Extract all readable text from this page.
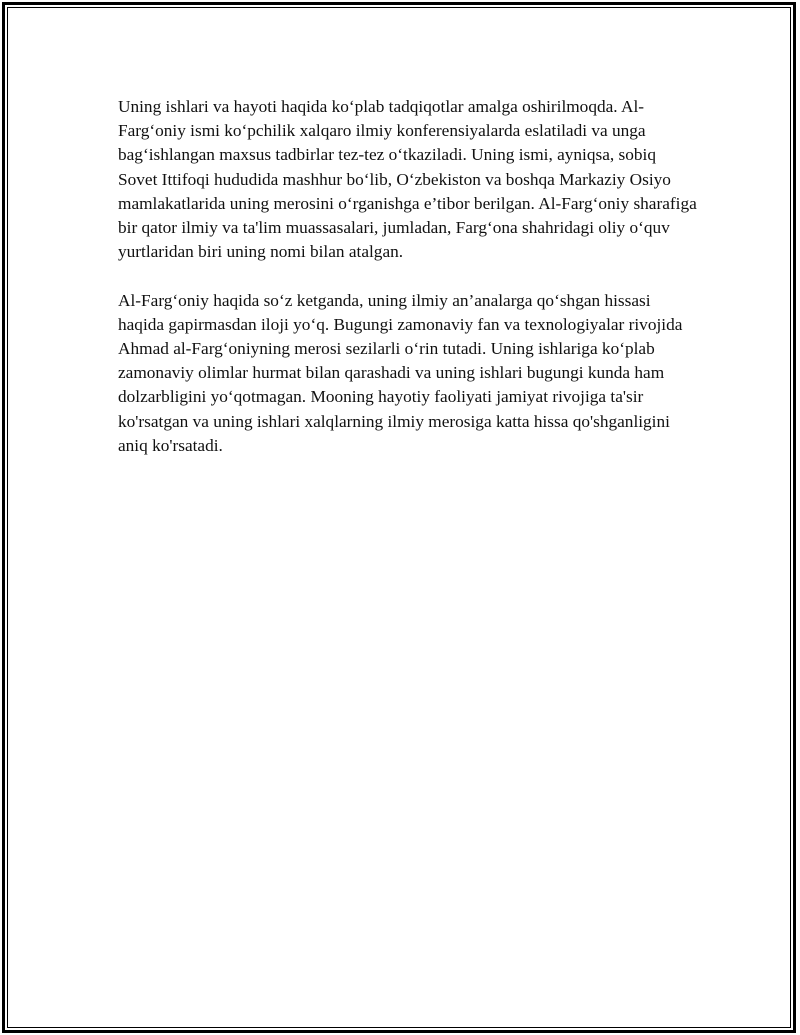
Uning ishlari va hayoti haqida ko‘plab tadqiqotlar amalga oshirilmoqda. Al-Farg‘oniy ismi ko‘pchilik xalqaro ilmiy konferensiyalarda eslatiladi va unga bag‘ishlangan maxsus tadbirlar tez-tez o‘tkaziladi. Uning ismi, ayniqsa, sobiq Sovet Ittifoqi hududida mashhur bo‘lib, O‘zbekiston va boshqa Markaziy Osiyo mamlakatlarida uning merosini o‘rganishga e’tibor berilgan. Al-Farg‘oniy sharafiga bir qator ilmiy va ta'lim muassasalari, jumladan, Farg‘ona shahridagi oliy o‘quv yurtlaridan biri uning nomi bilan atalgan.

Al-Farg‘oniy haqida so‘z ketganda, uning ilmiy an’analarga qo‘shgan hissasi haqida gapirmasdan iloji yo‘q. Bugungi zamonaviy fan va texnologiyalar rivojida Ahmad al-Farg‘oniyning merosi sezilarli o‘rin tutadi. Uning ishlariga ko‘plab zamonaviy olimlar hurmat bilan qarashadi va uning ishlari bugungi kunda ham dolzarbligini yo‘qotmagan. Mooning hayotiy faoliyati jamiyat rivojiga ta'sir ko'rsatgan va uning ishlari xalqlarning ilmiy merosiga katta hissa qo'shganligini aniq ko'rsatadi.
